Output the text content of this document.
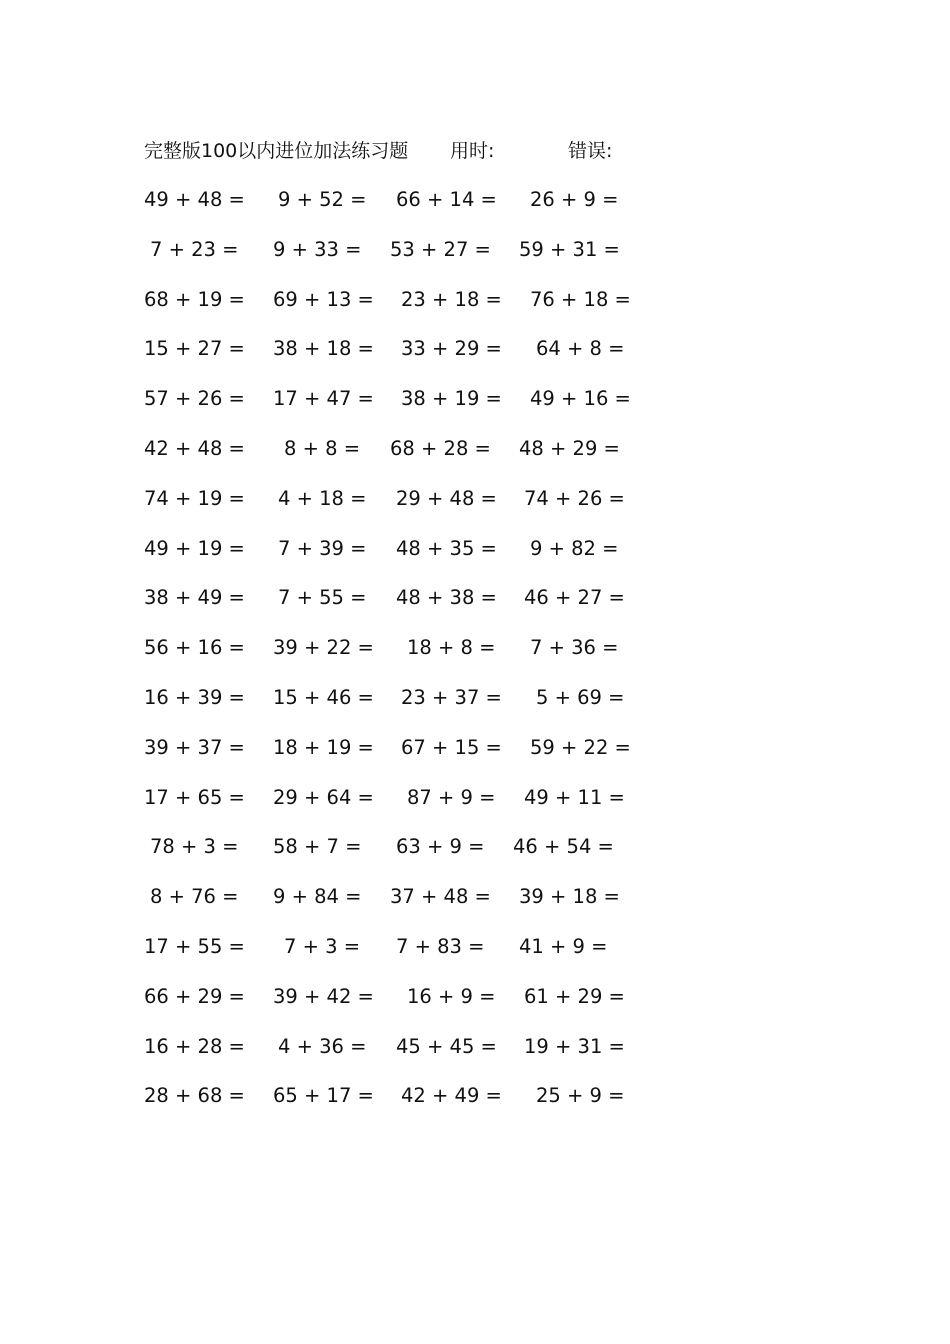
完整版100以内进位加法练习题 用时:	错误:
49 + 48 = 9 + 52 = 66 + 14 = 26 + 9 =
7 + 23 = 9 + 33 = 53 + 27 = 59 + 31 =
68 + 19 = 69 + 13 = 23 + 18 = 76 + 18 =
15 + 27 = 38 + 18 = 33 + 29 = 64 + 8 =
57 + 26 = 17 + 47 = 38 + 19 = 49 + 16 =
42 + 48 = 8 + 8 = 68 + 28 = 48 + 29 =
74 + 19 = 4 + 18 = 29 + 48 = 74 + 26 =
49 + 19 = 7 + 39 = 48 + 35 = 9 + 82 =
38 + 49 = 7 + 55 = 48 + 38 = 46 + 27 =
56 + 16 = 39 + 22 = 18 + 8 = 7 + 36 =
16 + 39 = 15 + 46 = 23 + 37 = 5 + 69 =
39 + 37 = 18 + 19 = 67 + 15 = 59 + 22 =
17 + 65 = 29 + 64 = 87 + 9 = 49 + 11 =
78 + 3 = 58 + 7 = 63 + 9 = 46 + 54 =
8 + 76 = 9 + 84 = 37 + 48 = 39 + 18 =
17 + 55 = 7 + 3 = 7 + 83 = 41 + 9 =
66 + 29 = 39 + 42 = 16 + 9 = 61 + 29 =
16 + 28 = 4 + 36 = 45 + 45 = 19 + 31 =
28 + 68 = 65 + 17 = 42 + 49 = 25 + 9 =
